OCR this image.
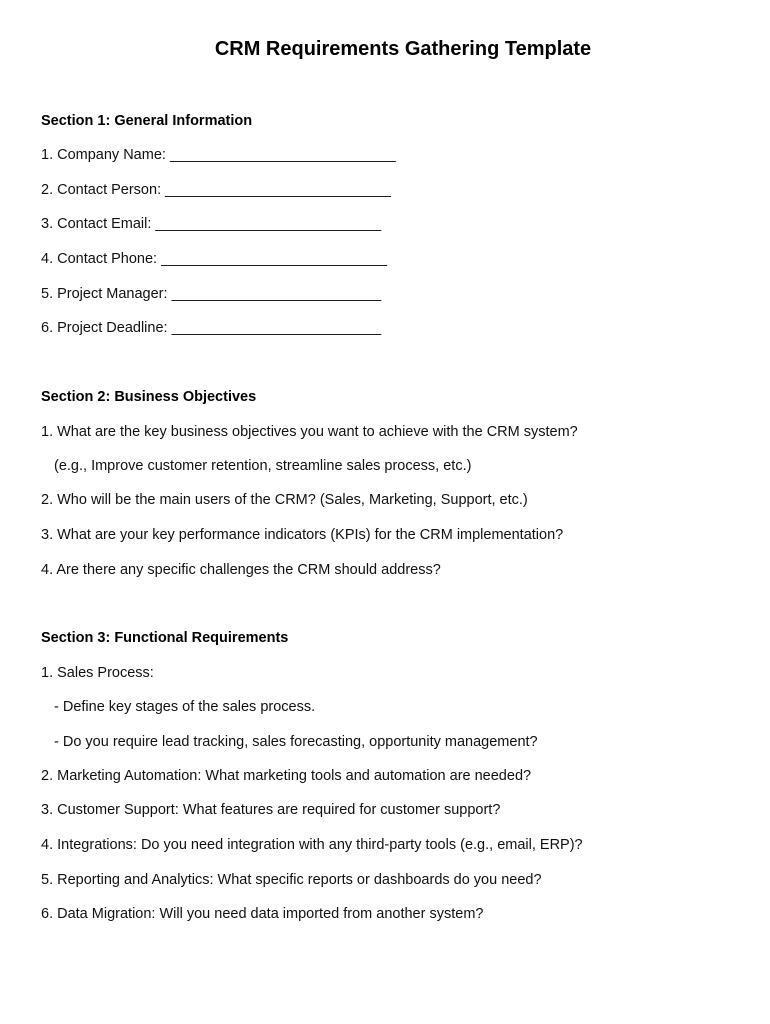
CRM Requirements Gathering Template
Section 1: General Information
1. Company Name: ____________________________
2. Contact Person: ____________________________
3. Contact Email: ____________________________
4. Contact Phone: ____________________________
5. Project Manager: __________________________
6. Project Deadline: __________________________
Section 2: Business Objectives
1. What are the key business objectives you want to achieve with the CRM system?
(e.g., Improve customer retention, streamline sales process, etc.)
2. Who will be the main users of the CRM? (Sales, Marketing, Support, etc.)
3. What are your key performance indicators (KPIs) for the CRM implementation?
4. Are there any specific challenges the CRM should address?
Section 3: Functional Requirements
1. Sales Process:
- Define key stages of the sales process.
- Do you require lead tracking, sales forecasting, opportunity management?
2. Marketing Automation: What marketing tools and automation are needed?
3. Customer Support: What features are required for customer support?
4. Integrations: Do you need integration with any third-party tools (e.g., email, ERP)?
5. Reporting and Analytics: What specific reports or dashboards do you need?
6. Data Migration: Will you need data imported from another system?
